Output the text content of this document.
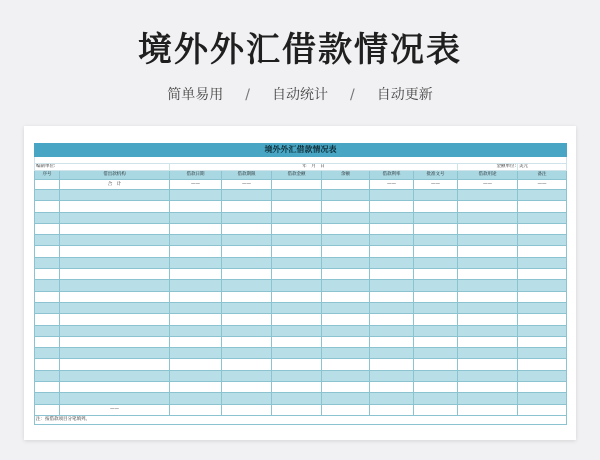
境外外汇借款情况表
简单易用 / 自动统计 / 自动更新
境外外汇借款情况表									

编制单位:		年　月　日						金额单位:	美元
序号	借出款机构	借款日期	借款期限	借款金额	余额	借款利率	批准文号	借款用途	备注
	合　计	——	——			——	——	——	——

	——								
注：按借款项目分笔填列。									
